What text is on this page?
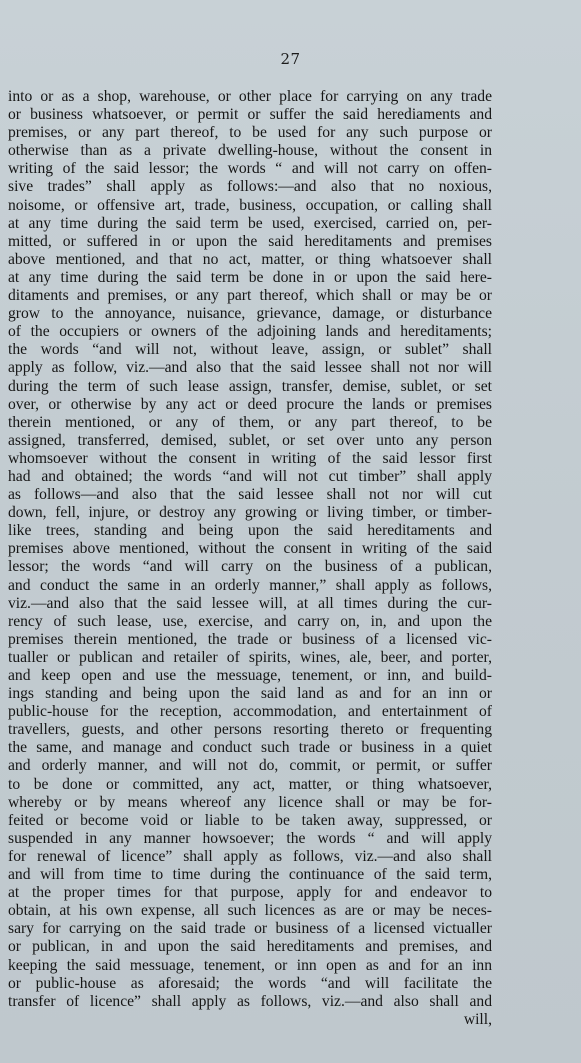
27
into or as a shop, warehouse, or other place for carrying on any trade
or business whatsoever, or permit or suffer the said herediaments and
premises, or any part thereof, to be used for any such purpose or
otherwise than as a private dwelling-house, without the consent in
writing of the said lessor; the words “ and will not carry on offen-
sive trades” shall apply as follows:—and also that no noxious,
noisome, or offensive art, trade, business, occupation, or calling shall
at any time during the said term be used, exercised, carried on, per-
mitted, or suffered in or upon the said hereditaments and premises
above mentioned, and that no act, matter, or thing whatsoever shall
at any time during the said term be done in or upon the said here-
ditaments and premises, or any part thereof, which shall or may be or
grow to the annoyance, nuisance, grievance, damage, or disturbance
of the occupiers or owners of the adjoining lands and hereditaments;
the words “and will not, without leave, assign, or sublet” shall
apply as follow, viz.—and also that the said lessee shall not nor will
during the term of such lease assign, transfer, demise, sublet, or set
over, or otherwise by any act or deed procure the lands or premises
therein mentioned, or any of them, or any part thereof, to be
assigned, transferred, demised, sublet, or set over unto any person
whomsoever without the consent in writing of the said lessor first
had and obtained; the words “and will not cut timber” shall apply
as follows—and also that the said lessee shall not nor will cut
down, fell, injure, or destroy any growing or living timber, or timber-
like trees, standing and being upon the said hereditaments and
premises above mentioned, without the consent in writing of the said
lessor; the words “and will carry on the business of a publican,
and conduct the same in an orderly manner,” shall apply as follows,
viz.—and also that the said lessee will, at all times during the cur-
rency of such lease, use, exercise, and carry on, in, and upon the
premises therein mentioned, the trade or business of a licensed vic-
tualler or publican and retailer of spirits, wines, ale, beer, and porter,
and keep open and use the messuage, tenement, or inn, and build-
ings standing and being upon the said land as and for an inn or
public-house for the reception, accommodation, and entertainment of
travellers, guests, and other persons resorting thereto or frequenting
the same, and manage and conduct such trade or business in a quiet
and orderly manner, and will not do, commit, or permit, or suffer
to be done or committed, any act, matter, or thing whatsoever,
whereby or by means whereof any licence shall or may be for-
feited or become void or liable to be taken away, suppressed, or
suspended in any manner howsoever; the words “ and will apply
for renewal of licence” shall apply as follows, viz.—and also shall
and will from time to time during the continuance of the said term,
at the proper times for that purpose, apply for and endeavor to
obtain, at his own expense, all such licences as are or may be neces-
sary for carrying on the said trade or business of a licensed victualler
or publican, in and upon the said hereditaments and premises, and
keeping the said messuage, tenement, or inn open as and for an inn
or public-house as aforesaid; the words “and will facilitate the
transfer of licence” shall apply as follows, viz.—and also shall and
will,
